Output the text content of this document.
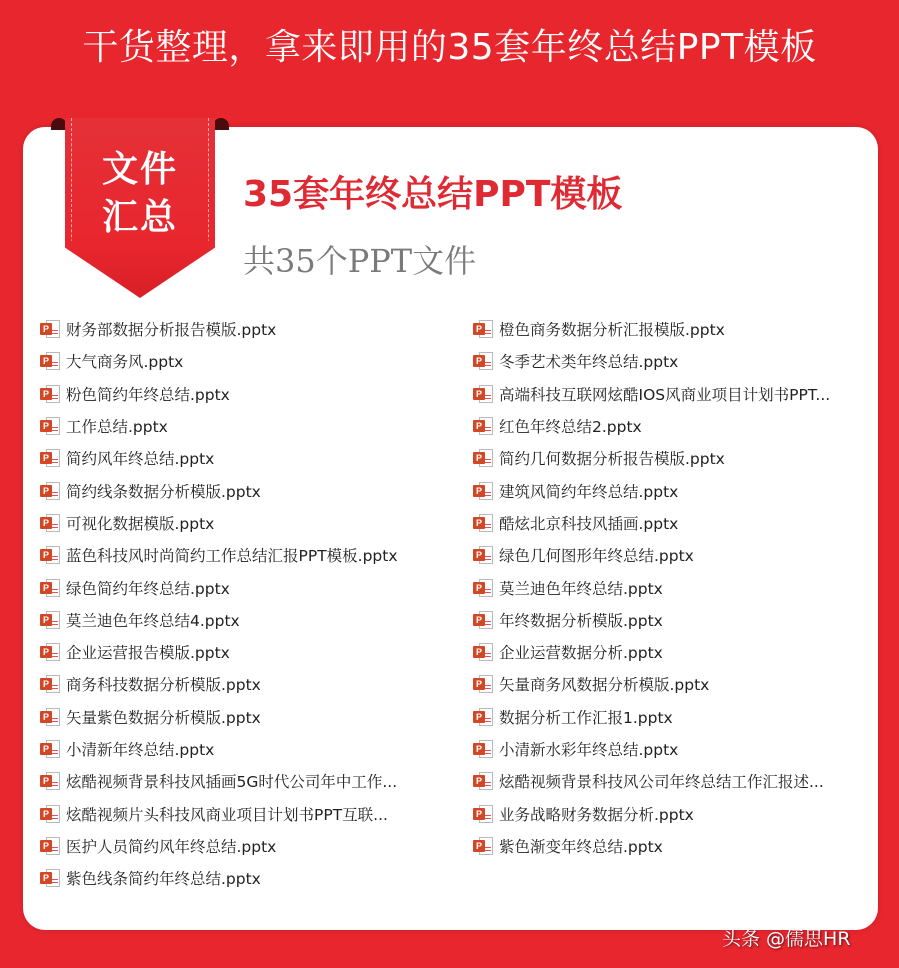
干货整理，拿来即用的35套年终总结PPT模板
文件
汇总
35套年终总结PPT模板
共35个PPT文件
P 财务部数据分析报告模版.pptx
P 大气商务风.pptx
P 粉色简约年终总结.pptx
P 工作总结.pptx
P 简约风年终总结.pptx
P 简约线条数据分析模版.pptx
P 可视化数据模版.pptx
P 蓝色科技风时尚简约工作总结汇报PPT模板.pptx
P 绿色简约年终总结.pptx
P 莫兰迪色年终总结4.pptx
P 企业运营报告模版.pptx
P 商务科技数据分析模版.pptx
P 矢量紫色数据分析模版.pptx
P 小清新年终总结.pptx
P 炫酷视频背景科技风插画5G时代公司年中工作...
P 炫酷视频片头科技风商业项目计划书PPT互联...
P 医护人员简约风年终总结.pptx
P 紫色线条简约年终总结.pptx
P 橙色商务数据分析汇报模版.pptx
P 冬季艺术类年终总结.pptx
P 高端科技互联网炫酷IOS风商业项目计划书PPT...
P 红色年终总结2.pptx
P 简约几何数据分析报告模版.pptx
P 建筑风简约年终总结.pptx
P 酷炫北京科技风插画.pptx
P 绿色几何图形年终总结.pptx
P 莫兰迪色年终总结.pptx
P 年终数据分析模版.pptx
P 企业运营数据分析.pptx
P 矢量商务风数据分析模版.pptx
P 数据分析工作汇报1.pptx
P 小清新水彩年终总结.pptx
P 炫酷视频背景科技风公司年终总结工作汇报述...
P 业务战略财务数据分析.pptx
P 紫色渐变年终总结.pptx
头条 @儒思HR
